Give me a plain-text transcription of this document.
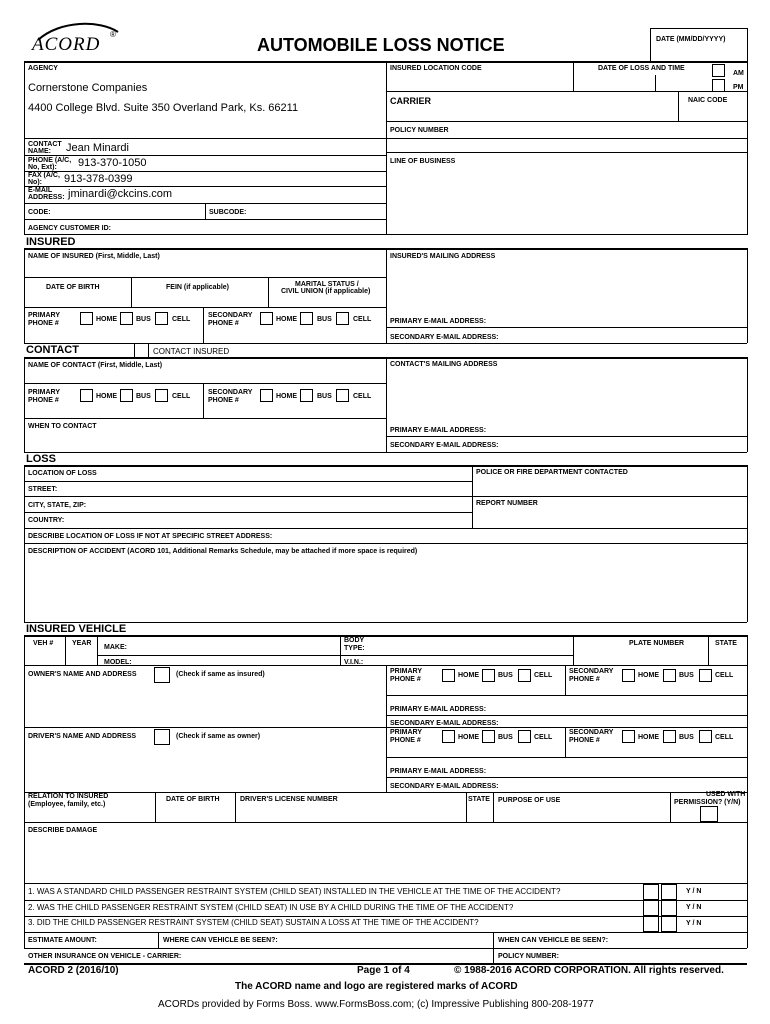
ACORD ®
AUTOMOBILE LOSS NOTICE	DATE (MM/DD/YYYY)
AGENCY
Cornerstone Companies
4400 College Blvd. Suite 350 Overland Park, Ks. 66211
INSURED LOCATION CODE	DATE OF LOSS AND TIME
AM
PM
CARRIER	NAIC CODE
POLICY NUMBER
LINE OF BUSINESS
CONTACT NAME:	Jean Minardi
PHONE (A/C, No, Ext):	913-370-1050
FAX (A/C, No):	913-378-0399
E-MAIL ADDRESS: jminardi@ckcins.com
CODE:	SUBCODE:
AGENCY CUSTOMER ID:
INSURED
NAME OF INSURED (First, Middle, Last)	INSURED'S MAILING ADDRESS
DATE OF BIRTH	FEIN (if applicable)	MARITAL STATUS /
CIVIL UNION (if applicable)
PRIMARY PHONE #
HOME	BUS	CELL
SECONDARY PHONE #
HOME	BUS	CELL	PRIMARY E-MAIL ADDRESS:
SECONDARY E-MAIL ADDRESS:
CONTACT	CONTACT INSURED
NAME OF CONTACT (First, Middle, Last)	CONTACT'S MAILING ADDRESS
PRIMARY PHONE #
HOME	BUS	CELL
SECONDARY PHONE #
HOME	BUS	CELL
WHEN TO CONTACT
PRIMARY E-MAIL ADDRESS:
SECONDARY E-MAIL ADDRESS:
LOSS
LOCATION OF LOSS	POLICE OR FIRE DEPARTMENT CONTACTED
STREET:
CITY, STATE, ZIP:	REPORT NUMBER
COUNTRY:
DESCRIBE LOCATION OF LOSS IF NOT AT SPECIFIC STREET ADDRESS:
DESCRIPTION OF ACCIDENT (ACORD 101, Additional Remarks Schedule, may be attached if more space is required)
INSURED VEHICLE
VEH #	YEAR
MAKE:
BODY
TYPE:
PLATE NUMBER	STATE
MODEL:	V.I.N.:
OWNER'S NAME AND ADDRESS	(Check if same as insured)	PRIMARY PHONE #
HOME	BUS	CELL
SECONDARY PHONE #
HOME	BUS	CELL
PRIMARY E-MAIL ADDRESS:
SECONDARY E-MAIL ADDRESS:
DRIVER'S NAME AND ADDRESS	(Check if same as owner)
PRIMARY PHONE #	HOME	BUS	CELL
SECONDARY PHONE #	HOME	BUS	CELL
PRIMARY E-MAIL ADDRESS:
SECONDARY E-MAIL ADDRESS:
RELATION TO INSURED
(Employee, family, etc.)
DATE OF BIRTH	DRIVER'S LICENSE NUMBER	STATE PURPOSE OF USE
USED WITH
PERMISSION? (Y/N)
DESCRIBE DAMAGE
1. WAS A STANDARD CHILD PASSENGER RESTRAINT SYSTEM (CHILD SEAT) INSTALLED IN THE VEHICLE AT THE TIME OF THE ACCIDENT?	Y / N
2. WAS THE CHILD PASSENGER RESTRAINT SYSTEM (CHILD SEAT) IN USE BY A CHILD DURING THE TIME OF THE ACCIDENT?	Y / N
3. DID THE CHILD PASSENGER RESTRAINT SYSTEM (CHILD SEAT) SUSTAIN A LOSS AT THE TIME OF THE ACCIDENT?	Y / N
ESTIMATE AMOUNT:	WHERE CAN VEHICLE BE SEEN?:	WHEN CAN VEHICLE BE SEEN?:
OTHER INSURANCE ON VEHICLE - CARRIER:	POLICY NUMBER:
ACORD 2 (2016/10)	Page 1 of 4	© 1988-2016 ACORD CORPORATION. All rights reserved.
The ACORD name and logo are registered marks of ACORD
ACORDs provided by Forms Boss. www.FormsBoss.com; (c) Impressive Publishing 800-208-1977
